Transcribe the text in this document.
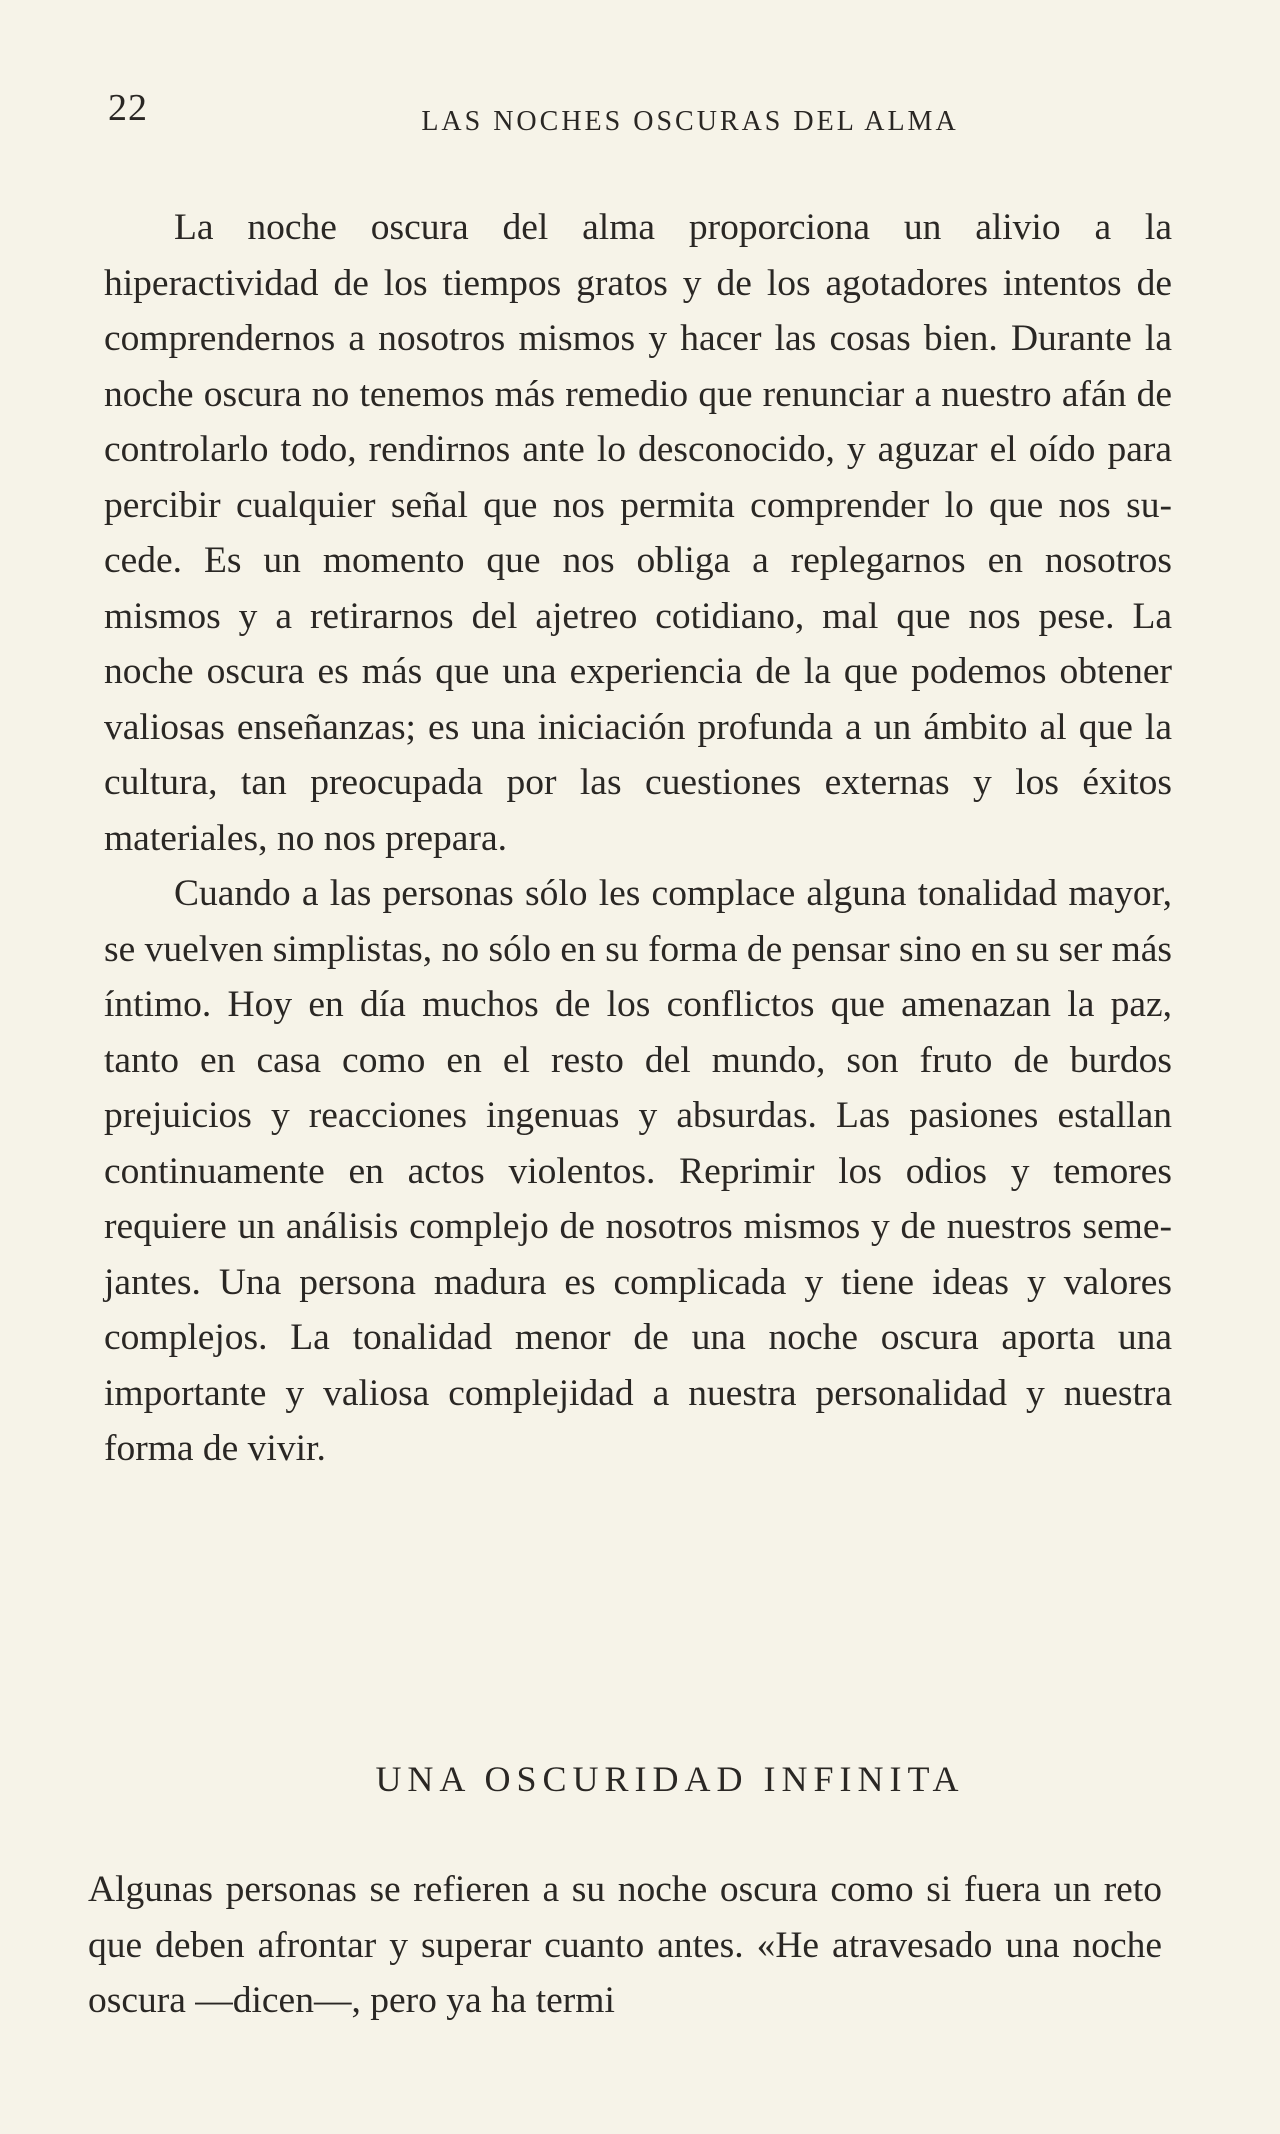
22	LAS NOCHES OSCURAS DEL ALMA

La noche oscura del alma proporciona un alivio a la hiperactividad de los tiempos gratos y de los agotadores intentos de comprendernos a nosotros mismos y hacer las cosas bien. Durante la noche oscura no tenemos más remedio que renunciar a nuestro afán de controlarlo todo, rendirnos ante lo desconocido, y aguzar el oído para percibir cualquier señal que nos permita comprender lo que nos sucede. Es un momento que nos obliga a replegarnos en nosotros mismos y a retirarnos del ajetreo cotidiano, mal que nos pese. La noche oscura es más que una experiencia de la que podemos obtener valiosas enseñanzas; es una iniciación profunda a un ámbito al que la cultura, tan preocupada por las cuestiones externas y los éxitos materiales, no nos prepara.

Cuando a las personas sólo les complace alguna tonalidad mayor, se vuelven simplistas, no sólo en su forma de pensar sino en su ser más íntimo. Hoy en día muchos de los conflictos que amenazan la paz, tanto en casa como en el resto del mundo, son fruto de burdos prejuicios y reacciones ingenuas y absurdas. Las pasiones estallan continuamente en actos violentos. Reprimir los odios y temores requiere un análisis complejo de nosotros mismos y de nuestros semejantes. Una persona madura es complicada y tiene ideas y valores complejos. La tonalidad menor de una noche oscura aporta una importante y valiosa complejidad a nuestra personalidad y nuestra forma de vivir.

UNA OSCURIDAD INFINITA

Algunas personas se refieren a su noche oscura como si fuera un reto que deben afrontar y superar cuanto antes. «He atravesado una noche oscura —dicen—, pero ya ha termi
